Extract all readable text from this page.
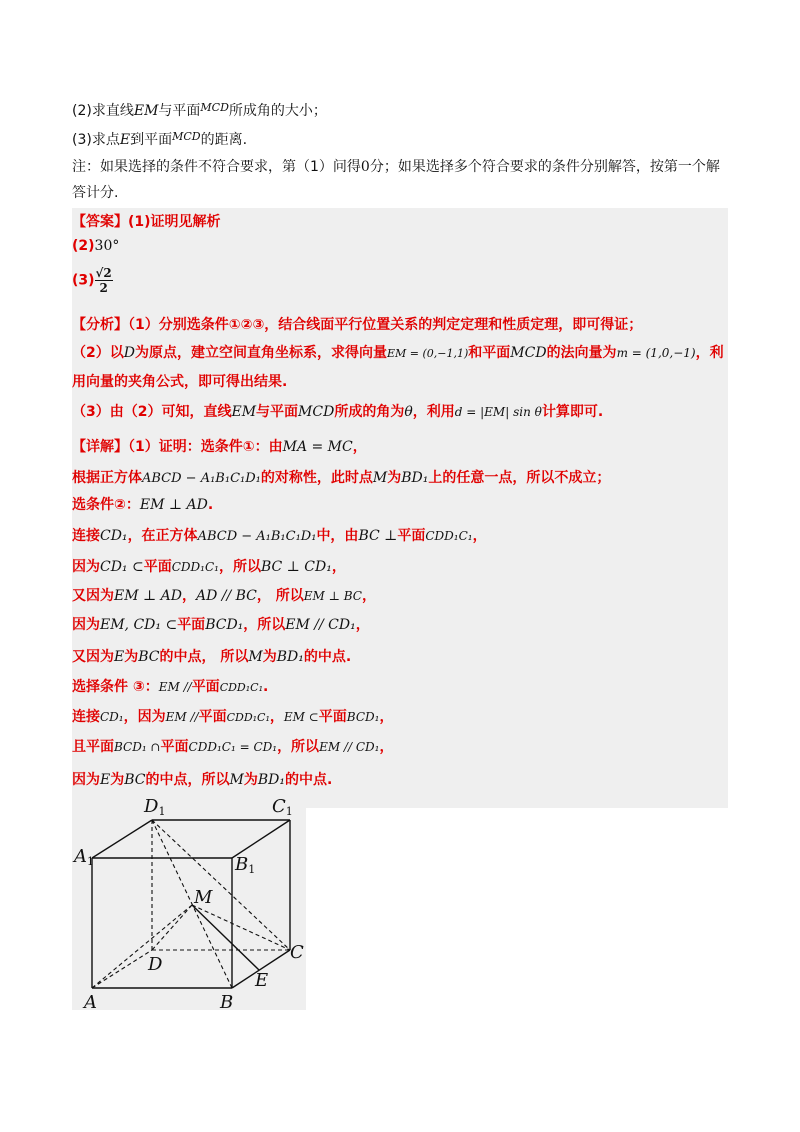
(2)求直线EM与平面$^{MCD}$所成角的大小；
(3)求点E到平面$^{MCD}$的距离.
注：如果选择的条件不符合要求，第（1）问得0分；如果选择多个符合要求的条件分别解答，按第一个解
答计分.
【答案】(1)证明见解析
(2)30°
$(3) \frac{√2}{2}$
【分析】（1）分别选条件①②③，结合线面平行位置关系的判定定理和性质定理，即可得证；
（2）以D为原点，建立空间直角坐标系，求得向量EM = (0,−1,1)和平面MCD的法向量为m = (1,0,−1)，利
用向量的夹角公式，即可得出结果.
（3）由（2）可知，直线EM与平面MCD所成的角为θ，利用d = |EM| sin θ计算即可.
【详解】（1）证明：选条件①：由MA = MC，
根据正方体ABCD − A₁B₁C₁D₁的对称性，此时点M为BD₁上的任意一点，所以不成立；
选条件②：EM ⊥ AD.
连接CD₁，在正方体ABCD − A₁B₁C₁D₁中，由BC ⊥平面CDD₁C₁，
因为CD₁ ⊂平面CDD₁C₁，所以BC ⊥ CD₁，
又因为EM ⊥ AD，AD // BC， 所以EM ⊥ BC，
因为EM, CD₁ ⊂平面BCD₁，所以EM // CD₁，
又因为E为BC的中点， 所以M为BD₁的中点.
选择条件 ③：EM //平面CDD₁C₁.
连接CD₁，因为EM //平面CDD₁C₁，EM ⊂平面BCD₁，
且平面BCD₁ ∩平面CDD₁C₁ = CD₁，所以EM // CD₁，
因为E为BC的中点，所以M为BD₁的中点.
D1	C1
A1	B1
M
D
C
E
A	B
